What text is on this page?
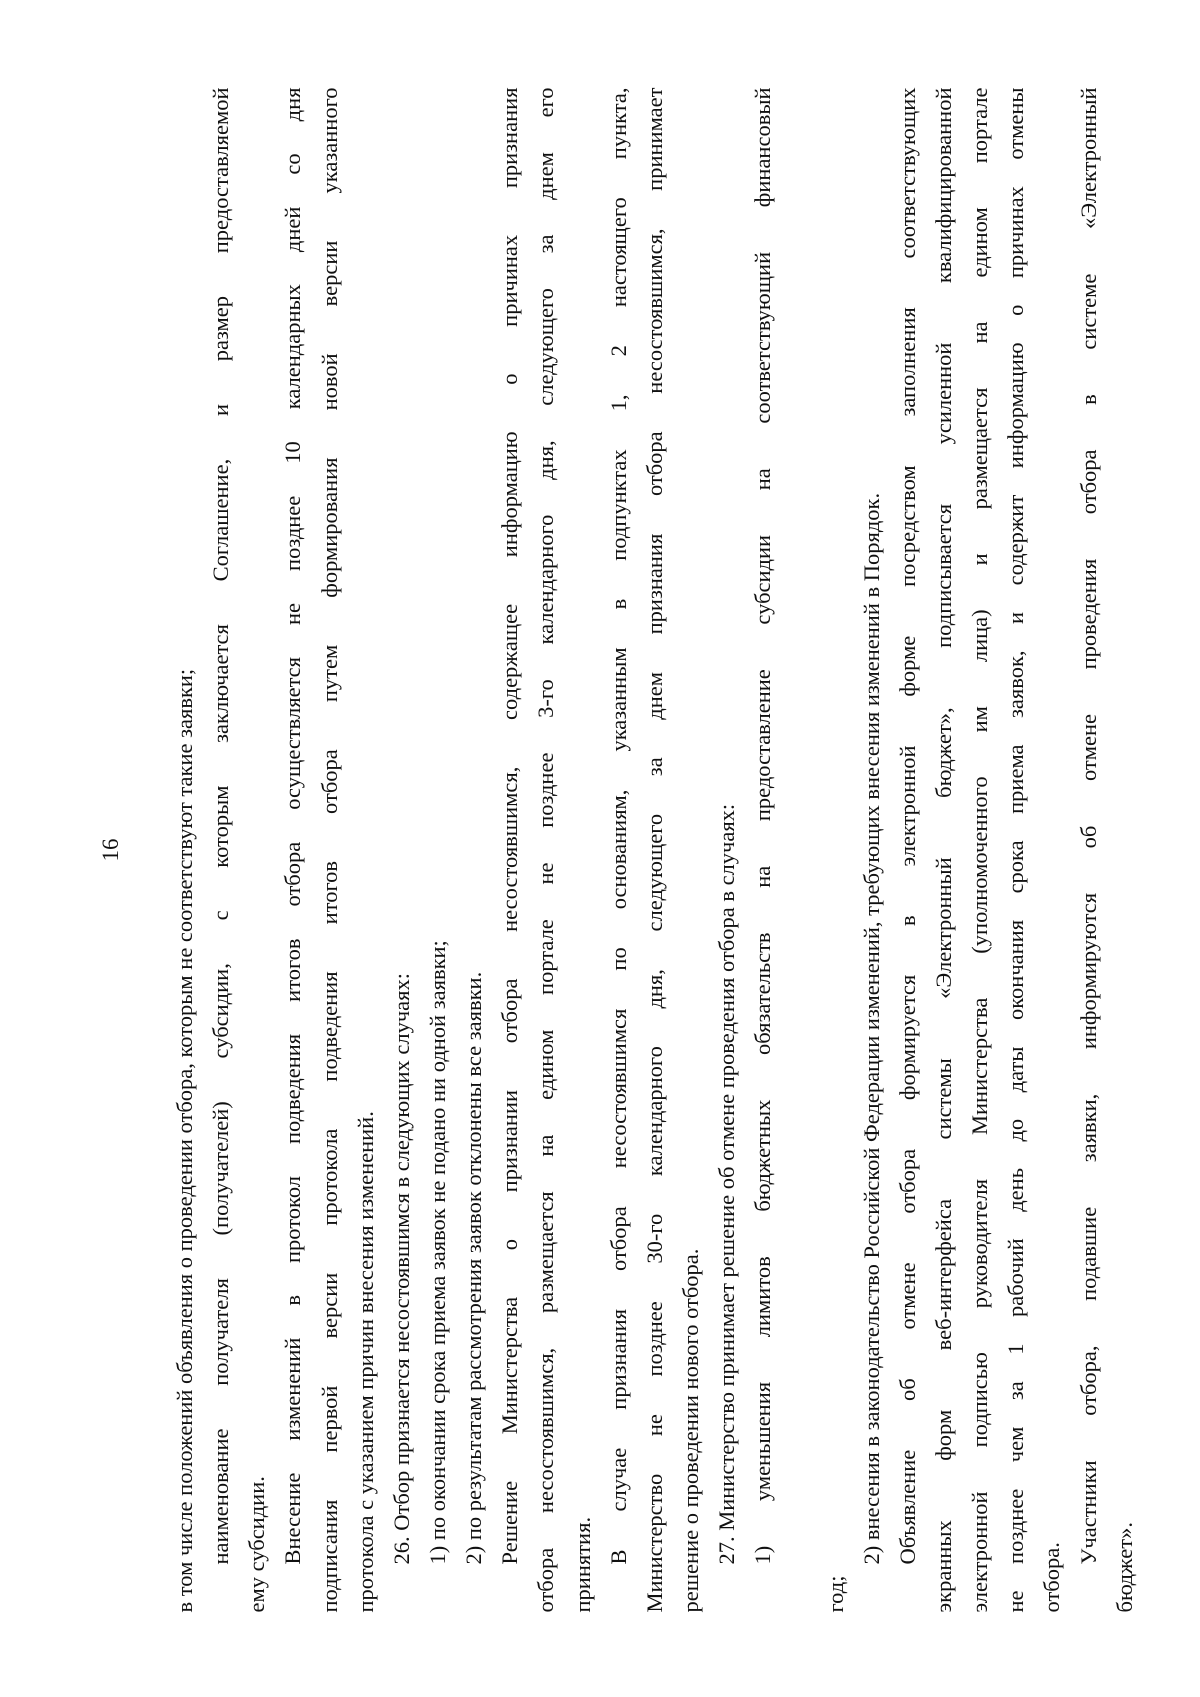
16 в том числе положений объявления о проведении отбора, которым не соответствуют такие заявки; наименование получателя (получателей) субсидии, с которым заключается Соглашение, и размер предоставляемой ему субсидии. Внесение изменений в протокол подведения итогов отбора осуществляется не позднее 10 календарных дней со дня подписания первой версии протокола подведения итогов отбора путем формирования новой версии указанного протокола с указанием причин внесения изменений. 26. Отбор признается несостоявшимся в следующих случаях: 1) по окончании срока приема заявок не подано ни одной заявки; 2) по результатам рассмотрения заявок отклонены все заявки. Решение Министерства о признании отбора несостоявшимся, содержащее информацию о причинах признания отбора несостоявшимся, размещается на едином портале не позднее 3-го календарного дня, следующего за днем его принятия.
В случае признания отбора несостоявшимся по основаниям, указанным в подпунктах 1, 2 настоящего пункта, Министерство не позднее 30-го календарного дня, следующего за днем признания отбора несостоявшимся, принимает решение о проведении нового отбора. 27. Министерство принимает решение об отмене проведения отбора в случаях: 1) уменьшения лимитов бюджетных обязательств на предоставление субсидии на соответствующий финансовый
год;
2) внесения в законодательство Российской Федерации изменений, требующих внесения изменений в Порядок. Объявление об отмене отбора формируется в электронной форме посредством заполнения соответствующих экранных форм веб-интерфейса системы «Электронный бюджет», подписывается усиленной квалифицированной электронной подписью руководителя Министерства (уполномоченного им лица) и размещается на едином портале не позднее чем за 1 рабочий день до даты окончания срока приема заявок, и содержит информацию о причинах отмены отбора.
Участники отбора, подавшие заявки, информируются об отмене проведения отбора в системе «Электронный
бюджет».
